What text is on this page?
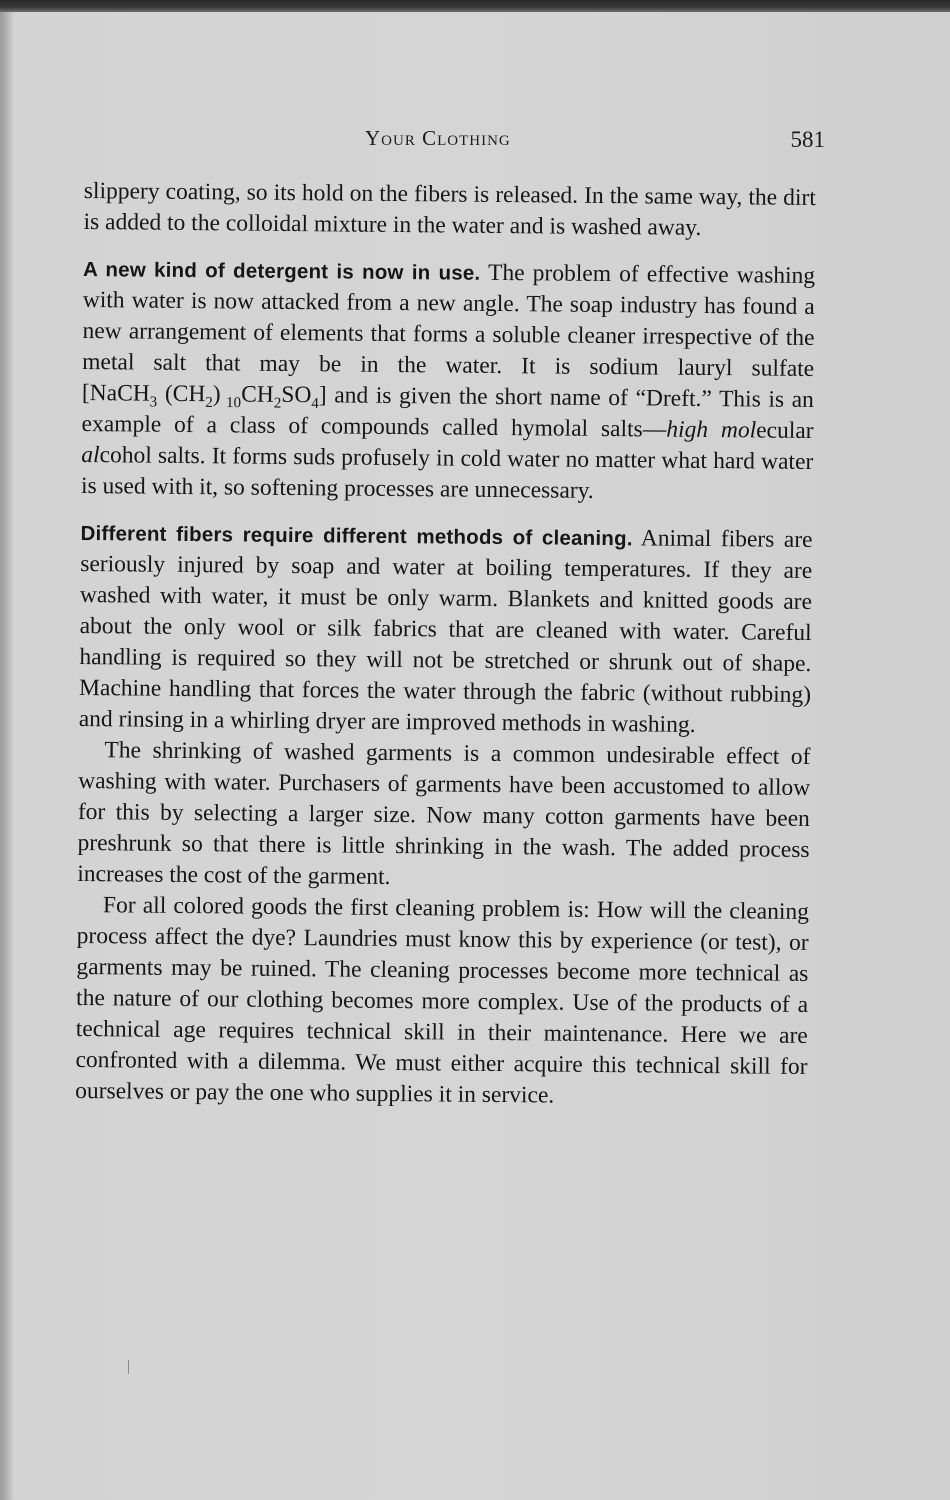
Your Clothing	581

slippery coating, so its hold on the fibers is released. In the same way, the dirt is added to the colloidal mixture in the water and is washed away.

A new kind of detergent is now in use. The problem of effective washing with water is now attacked from a new angle. The soap industry has found a new arrangement of elements that forms a soluble cleaner irrespective of the metal salt that may be in the water. It is sodium lauryl sulfate [NaCH$_3$ $(CH_2)$ $_{10}CH_2SO_4$] and is given the short name of “Dreft.” This is an example of a class of compounds called hymolal salts—high molecular alcohol salts. It forms suds profusely in cold water no matter what hard water is used with it, so softening processes are unnecessary.

Different fibers require different methods of cleaning. Animal fibers are seriously injured by soap and water at boiling temperatures. If they are washed with water, it must be only warm. Blankets and knitted goods are about the only wool or silk fabrics that are cleaned with water. Careful handling is required so they will not be stretched or shrunk out of shape. Machine handling that forces the water through the fabric (without rubbing) and rinsing in a whirling dryer are improved methods in washing.

The shrinking of washed garments is a common undesirable effect of washing with water. Purchasers of garments have been accustomed to allow for this by selecting a larger size. Now many cotton garments have been preshrunk so that there is little shrinking in the wash. The added process increases the cost of the garment.

For all colored goods the first cleaning problem is: How will the cleaning process affect the dye? Laundries must know this by experience (or test), or garments may be ruined. The cleaning processes become more technical as the nature of our clothing becomes more complex. Use of the products of a technical age requires technical skill in their maintenance. Here we are confronted with a dilemma. We must either acquire this technical skill for ourselves or pay the one who supplies it in service.
